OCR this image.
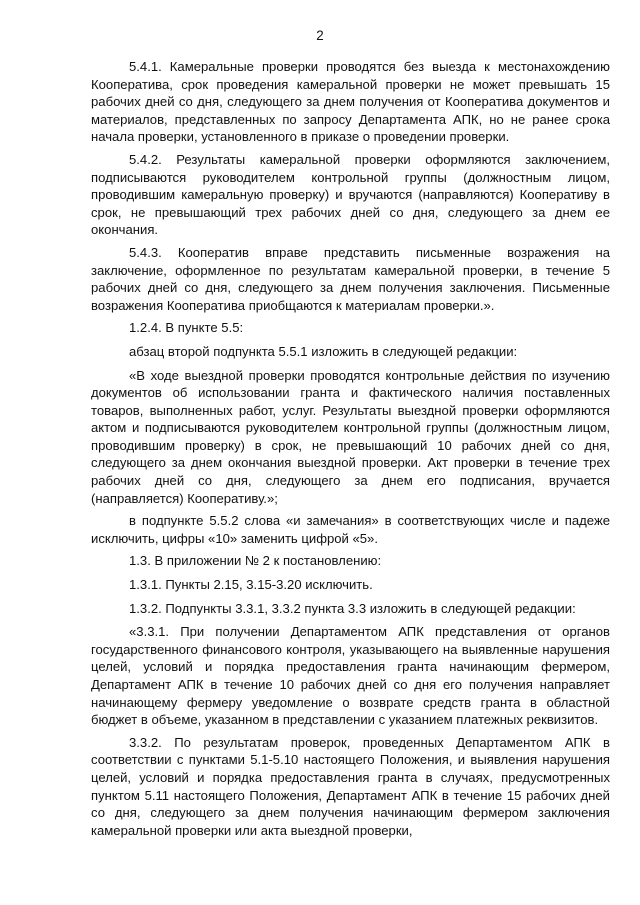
2

5.4.1. Камеральные проверки проводятся без выезда к местонахождению Кооператива, срок проведения камеральной проверки не может превышать 15 рабочих дней со дня, следующего за днем получения от Кооператива документов и материалов, представленных по запросу Департамента АПК, но не ранее срока начала проверки, установленного в приказе о проведении проверки.

5.4.2. Результаты камеральной проверки оформляются заключением, подписываются руководителем контрольной группы (должностным лицом, проводившим камеральную проверку) и вручаются (направляются) Кооперативу в срок, не превышающий трех рабочих дней со дня, следующего за днем ее окончания.

5.4.3. Кооператив вправе представить письменные возражения на заключение, оформленное по результатам камеральной проверки, в течение 5 рабочих дней со дня, следующего за днем получения заключения. Письменные возражения Кооператива приобщаются к материалам проверки.».

1.2.4. В пункте 5.5:

абзац второй подпункта 5.5.1 изложить в следующей редакции:

«В ходе выездной проверки проводятся контрольные действия по изучению документов об использовании гранта и фактического наличия поставленных товаров, выполненных работ, услуг. Результаты выездной проверки оформляются актом и подписываются руководителем контрольной группы (должностным лицом, проводившим проверку) в срок, не превышающий 10 рабочих дней со дня, следующего за днем окончания выездной проверки. Акт проверки в течение трех рабочих дней со дня, следующего за днем его подписания, вручается (направляется) Кооперативу.»;

в подпункте 5.5.2 слова «и замечания» в соответствующих числе и падеже исключить, цифры «10» заменить цифрой «5».

1.3. В приложении № 2 к постановлению:

1.3.1. Пункты 2.15, 3.15-3.20 исключить.

1.3.2. Подпункты 3.3.1, 3.3.2 пункта 3.3 изложить в следующей редакции:

«3.3.1. При получении Департаментом АПК представления от органов государственного финансового контроля, указывающего на выявленные нарушения целей, условий и порядка предоставления гранта начинающим фермером, Департамент АПК в течение 10 рабочих дней со дня его получения направляет начинающему фермеру уведомление о возврате средств гранта в областной бюджет в объеме, указанном в представлении с указанием платежных реквизитов.

3.3.2. По результатам проверок, проведенных Департаментом АПК в соответствии с пунктами 5.1-5.10 настоящего Положения, и выявления нарушения целей, условий и порядка предоставления гранта в случаях, предусмотренных пунктом 5.11 настоящего Положения, Департамент АПК в течение 15 рабочих дней со дня, следующего за днем получения начинающим фермером заключения камеральной проверки или акта выездной проверки,
